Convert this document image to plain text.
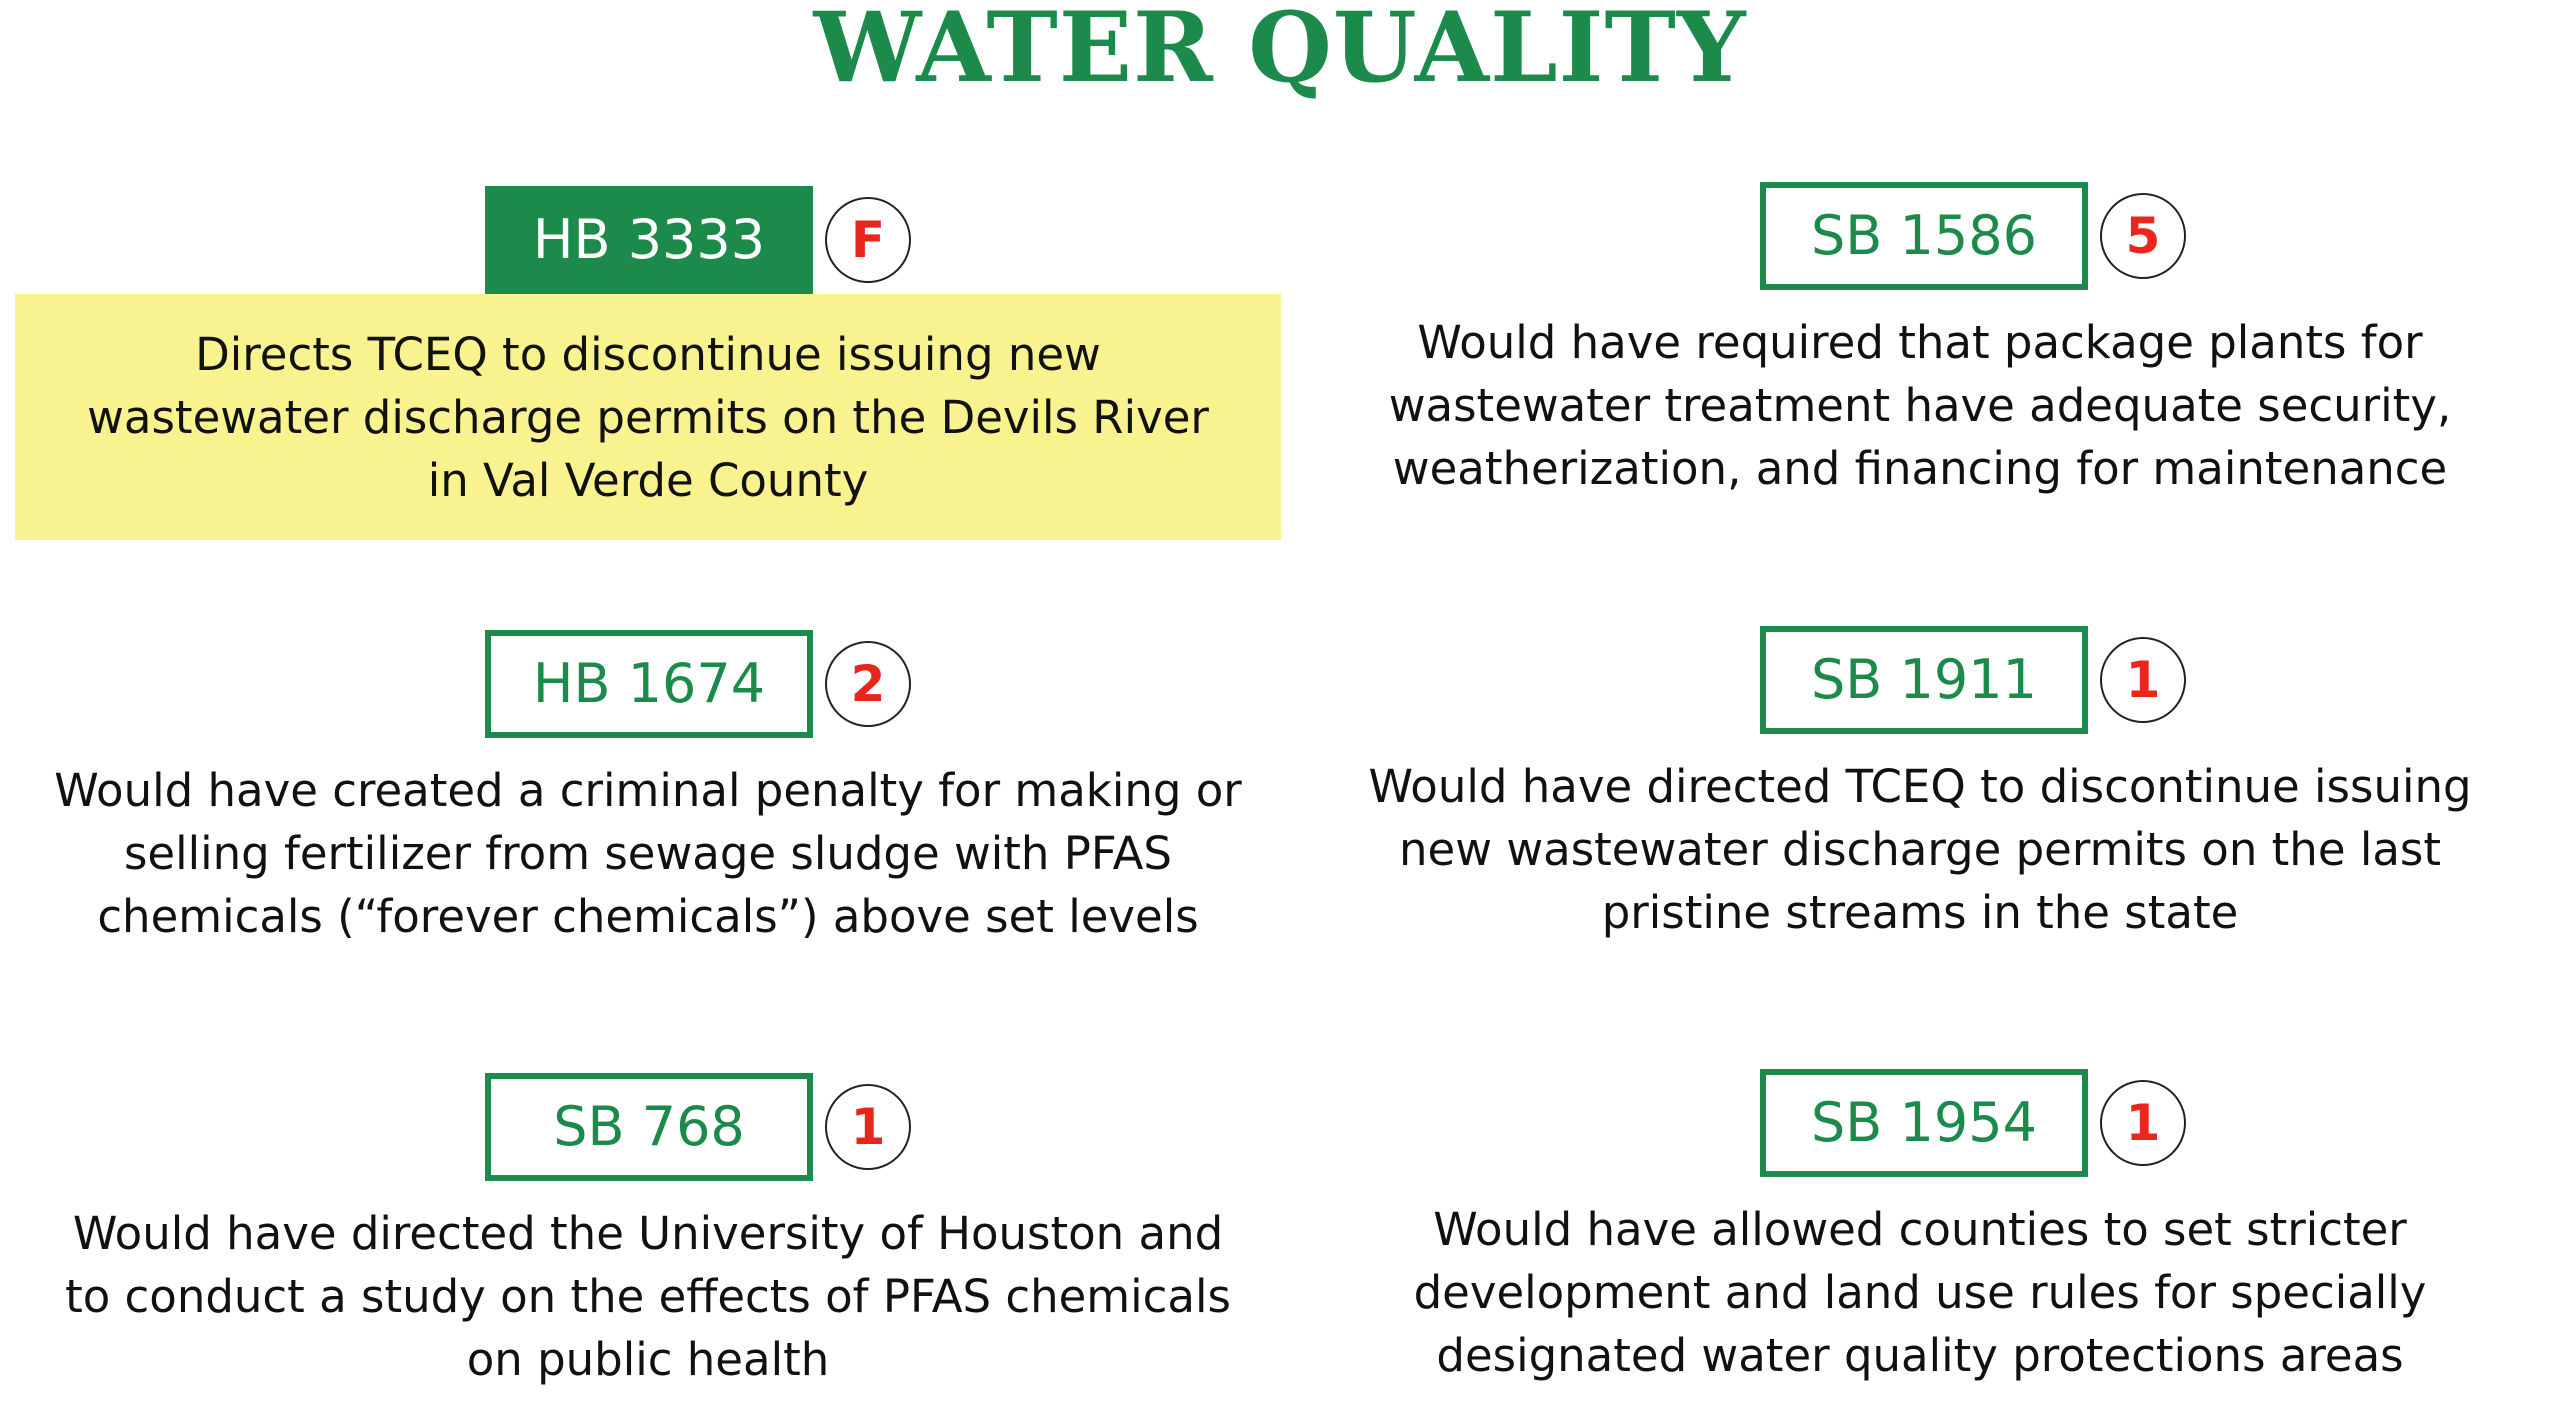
WATER QUALITY
HB 3333	F
Directs TCEQ to discontinue issuing new wastewater discharge permits on the Devils River in Val Verde County
SB 1586	5
Would have required that package plants for wastewater treatment have adequate security, weatherization, and financing for maintenance
HB 1674	2
Would have created a criminal penalty for making or selling fertilizer from sewage sludge with PFAS chemicals (“forever chemicals”) above set levels
SB 1911	1
Would have directed TCEQ to discontinue issuing new wastewater discharge permits on the last pristine streams in the state
SB 768	1
Would have directed the University of Houston and to conduct a study on the effects of PFAS chemicals on public health
SB 1954	1
Would have allowed counties to set stricter development and land use rules for specially designated water quality protections areas
